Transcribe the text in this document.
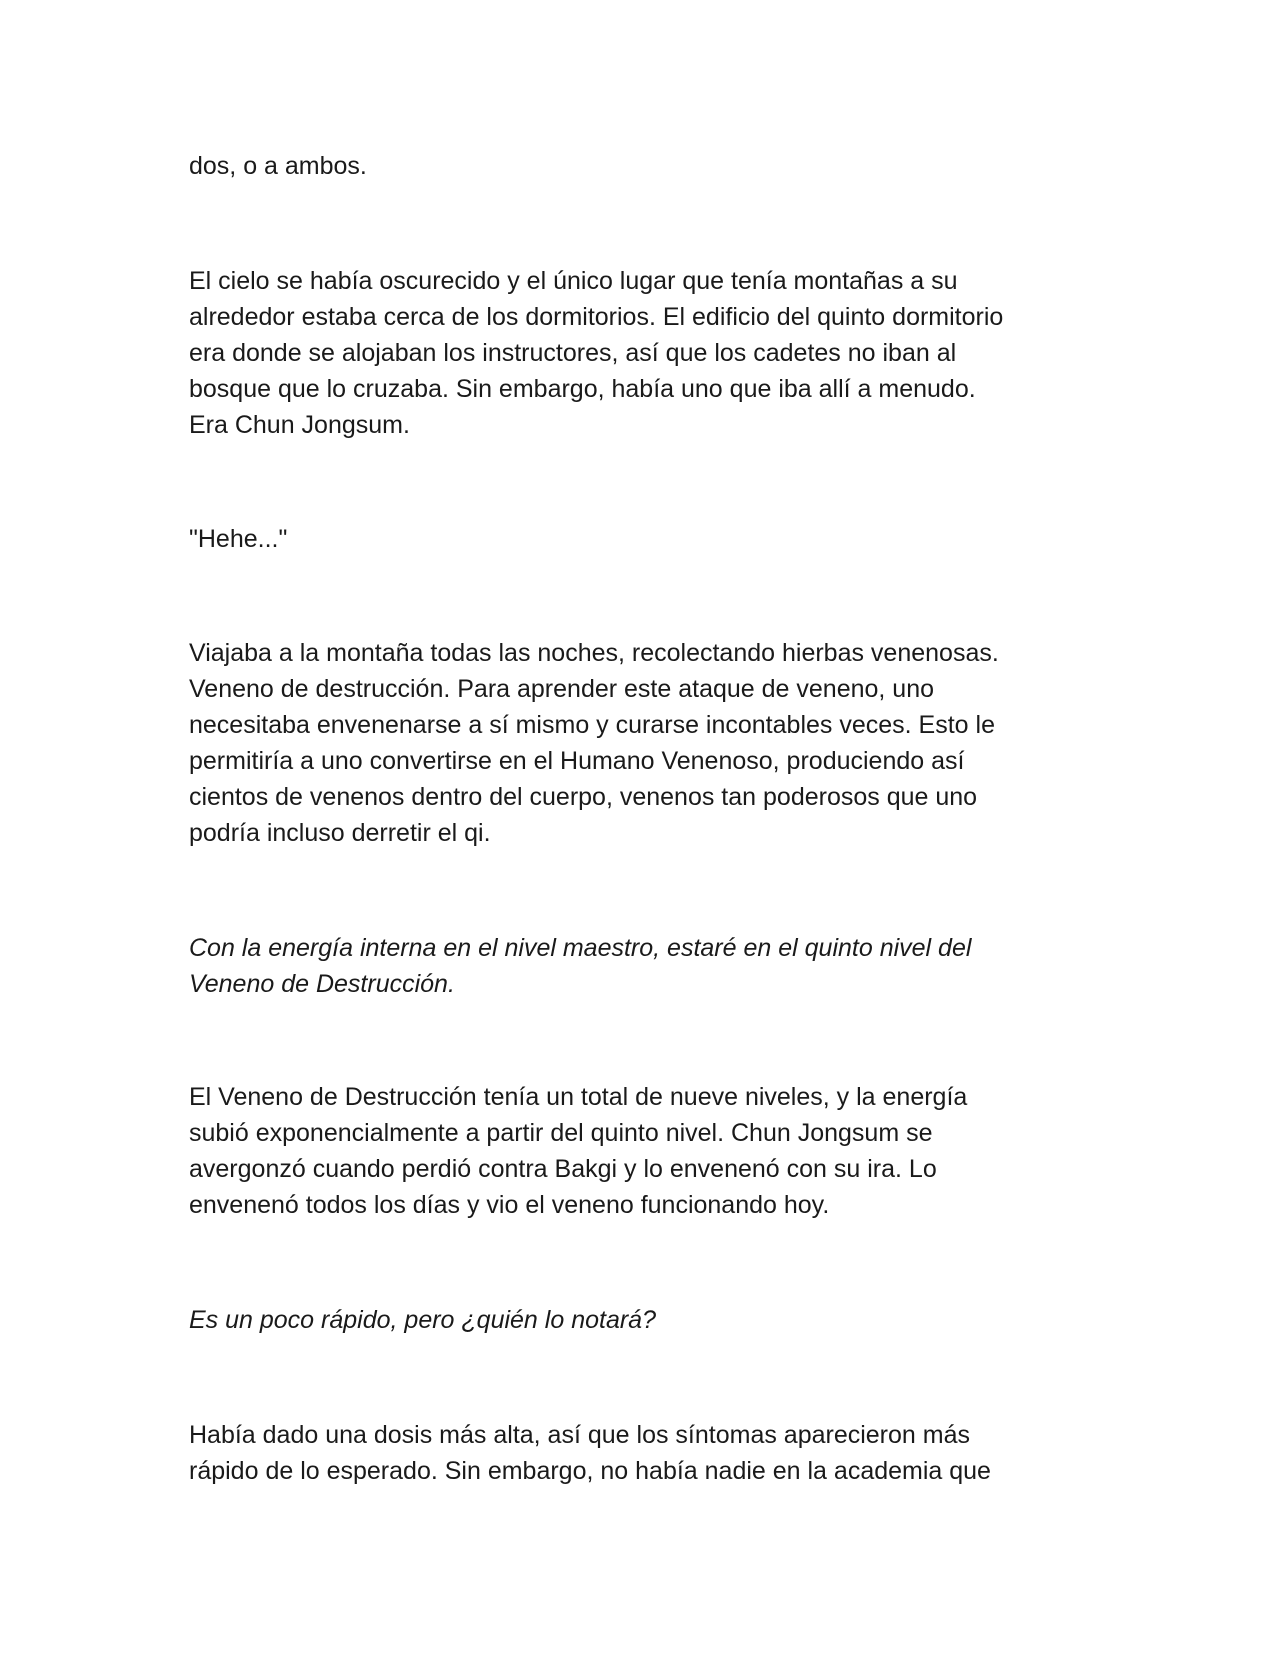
dos, o a ambos.

El cielo se había oscurecido y el único lugar que tenía montañas a su
alrededor estaba cerca de los dormitorios. El edificio del quinto dormitorio
era donde se alojaban los instructores, así que los cadetes no iban al
bosque que lo cruzaba. Sin embargo, había uno que iba allí a menudo.
Era Chun Jongsum.

"Hehe..."

Viajaba a la montaña todas las noches, recolectando hierbas venenosas.
Veneno de destrucción. Para aprender este ataque de veneno, uno
necesitaba envenenarse a sí mismo y curarse incontables veces. Esto le
permitiría a uno convertirse en el Humano Venenoso, produciendo así
cientos de venenos dentro del cuerpo, venenos tan poderosos que uno
podría incluso derretir el qi.

Con la energía interna en el nivel maestro, estaré en el quinto nivel del
Veneno de Destrucción.

El Veneno de Destrucción tenía un total de nueve niveles, y la energía
subió exponencialmente a partir del quinto nivel. Chun Jongsum se
avergonzó cuando perdió contra Bakgi y lo envenenó con su ira. Lo
envenenó todos los días y vio el veneno funcionando hoy.

Es un poco rápido, pero ¿quién lo notará?

Había dado una dosis más alta, así que los síntomas aparecieron más
rápido de lo esperado. Sin embargo, no había nadie en la academia que
